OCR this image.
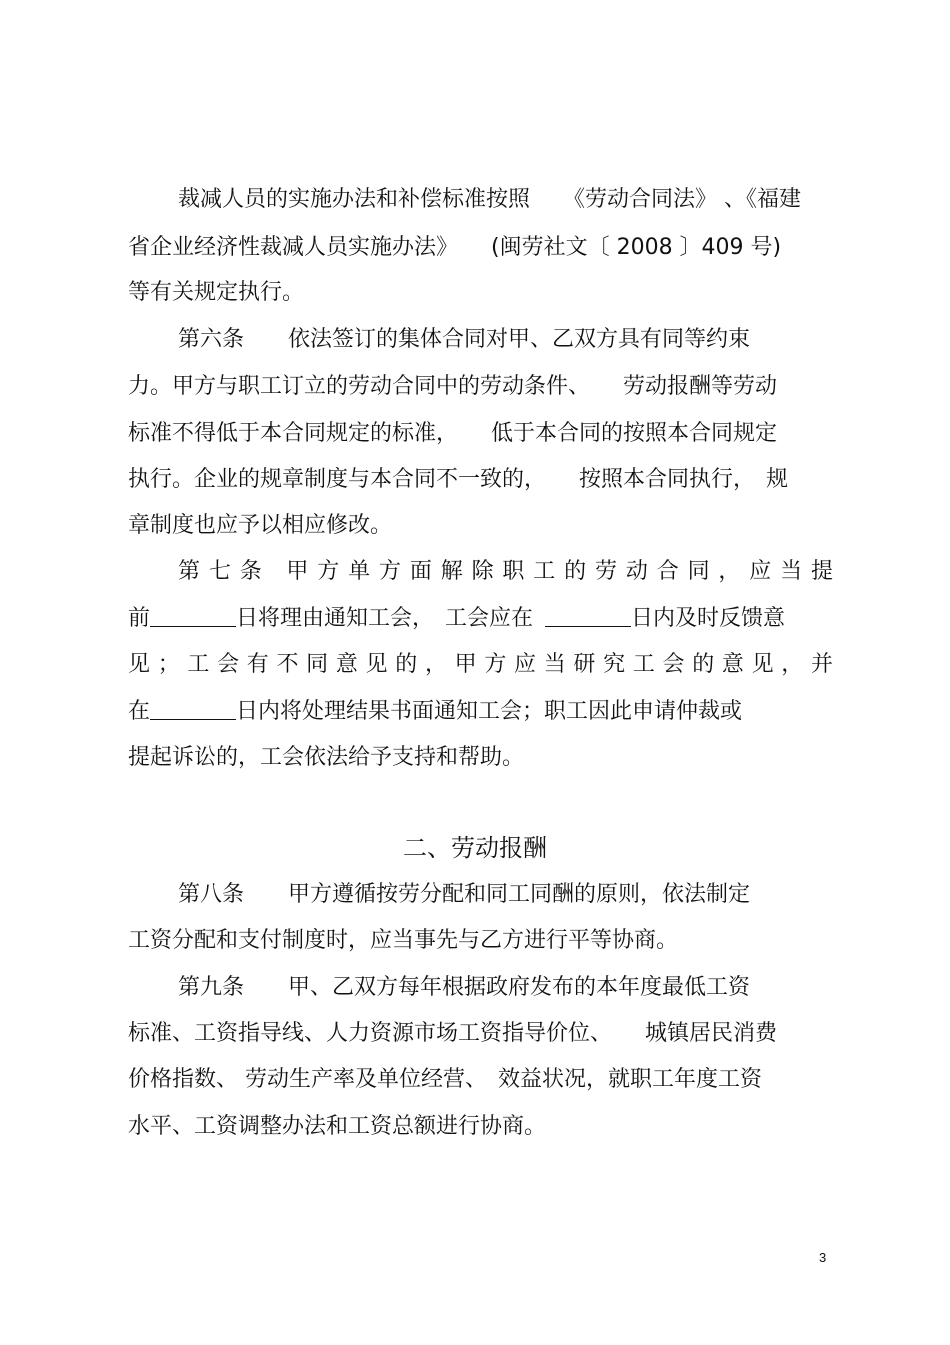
裁减人员的实施办法和补偿标准按照　　《劳动合同法》 、《福建
省企业经济性裁减人员实施办法》　　(闽劳社文〔 2008 〕409 号)
等有关规定执行。
第六条　　依法签订的集体合同对甲、乙双方具有同等约束
力。甲方与职工订立的劳动合同中的劳动条件、　　劳动报酬等劳动
标准不得低于本合同规定的标准，　　低于本合同的按照本合同规定
执行。企业的规章制度与本合同不一致的，　　按照本合同执行，　规
章制度也应予以相应修改。
第七条 甲方单方面解除职工的劳动合同，应当提
前	日将理由通知工会，　工会应在	日内及时反馈意
见；工会有不同意见的，甲方应当研究工会的意见，并
在	日内将处理结果书面通知工会；职工因此申请仲裁或
提起诉讼的，工会依法给予支持和帮助。
二、劳动报酬
第八条　　甲方遵循按劳分配和同工同酬的原则，依法制定
工资分配和支付制度时，应当事先与乙方进行平等协商。
第九条　　甲、乙双方每年根据政府发布的本年度最低工资
标准、工资指导线、人力资源市场工资指导价位、　　城镇居民消费
价格指数、 劳动生产率及单位经营、　效益状况，就职工年度工资
水平、工资调整办法和工资总额进行协商。
3
